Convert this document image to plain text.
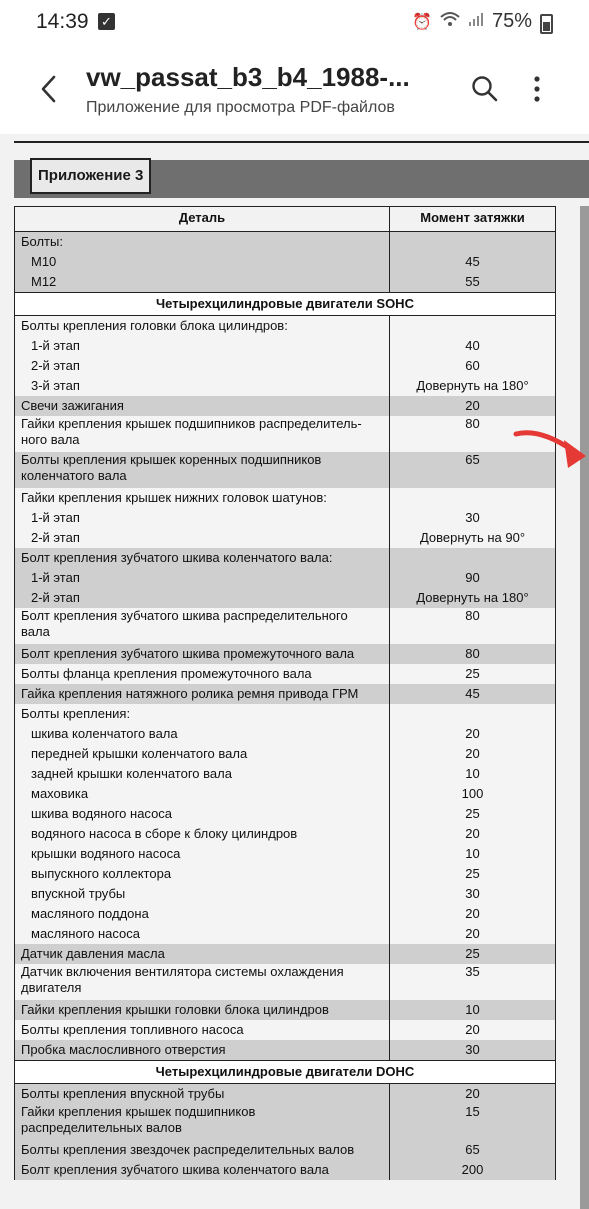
14:39 ✓	⏰	75%
vw_passat_b3_b4_1988-...
Приложение для просмотра PDF-файлов
Приложение 3
Деталь	Момент затяжки
Болты:	
М10	45
М12	55
Четырехцилиндровые двигатели SOHC	
Болты крепления головки блока цилиндров:	
1-й этап	40
2-й этап	60
3-й этап	Довернуть на 180°
Свечи зажигания	20
Гайки крепления крышек подшипников распределитель-
ного вала	80
Болты крепления крышек коренных подшипников
коленчатого вала	65
Гайки крепления крышек нижних головок шатунов:	
1-й этап	30
2-й этап	Довернуть на 90°
Болт крепления зубчатого шкива коленчатого вала:	
1-й этап	90
2-й этап	Довернуть на 180°
Болт крепления зубчатого шкива распределительного
вала	80
Болт крепления зубчатого шкива промежуточного вала	80
Болты фланца крепления промежуточного вала	25
Гайка крепления натяжного ролика ремня привода ГРМ	45
Болты крепления:	
шкива коленчатого вала	20
передней крышки коленчатого вала	20
задней крышки коленчатого вала	10
маховика	100
шкива водяного насоса	25
водяного насоса в сборе к блоку цилиндров	20
крышки водяного насоса	10
выпускного коллектора	25
впускной трубы	30
масляного поддона	20
масляного насоса	20
Датчик давления масла	25
Датчик включения вентилятора системы охлаждения
двигателя	35
Гайки крепления крышки головки блока цилиндров	10
Болты крепления топливного насоса	20
Пробка маслосливного отверстия	30
Четырехцилиндровые двигатели DOHC	
Болты крепления впускной трубы	20
Гайки крепления крышек подшипников
распределительных валов	15
Болты крепления звездочек распределительных валов	65
Болт крепления зубчатого шкива коленчатого вала	200
